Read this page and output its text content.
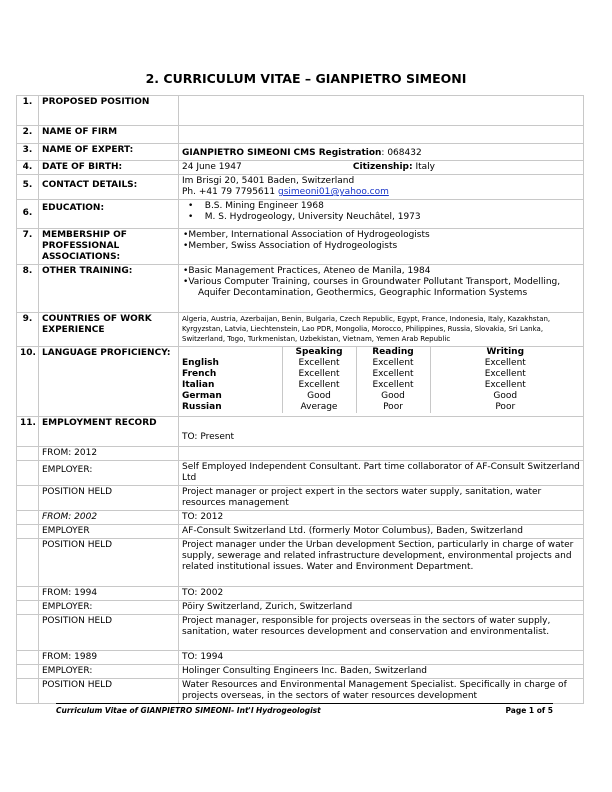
2. CURRICULUM VITAE – GIANPIETRO SIMEONI
1.	PROPOSED POSITION	
2.	NAME OF FIRM	
3.	NAME OF EXPERT:	GIANPIETRO SIMEONI CMS Registration: 068432
4.	DATE OF BIRTH:	24 June 1947	Citizenship: Italy
5.	CONTACT DETAILS:	Im Brisgi 20, 5401 Baden, Switzerland
Ph. +41 79 7795611 gsimeoni01@yahoo.com

6.	EDUCATION:	•    B.S. Mining Engineer 1968
•    M. S. Hydrogeology, University Neuchâtel, 1973

7.	MEMBERSHIP OF PROFESSIONAL ASSOCIATIONS:	
•Member, International Association of Hydrogeologists
•Member, Swiss Association of Hydrogeologists

8.	OTHER TRAINING:	•Basic Management Practices, Ateneo de Manila, 1984
•Various Computer Training, courses in Groundwater Pollutant Transport, Modelling, Aquifer Decontamination, Geothermics, Geographic Information Systems

9.	COUNTRIES OF WORK EXPERIENCE	Algeria, Austria, Azerbaijan, Benin, Bulgaria, Czech Republic, Egypt, France, Indonesia, Italy, Kazakhstan, Kyrgyzstan, Latvia, Liechtenstein, Lao PDR, Mongolia, Morocco, Philippines, Russia, Slovakia, Sri Lanka, Switzerland, Togo, Turkmenistan, Uzbekistan, Vietnam, Yemen Arab Republic
10.	LANGUAGE PROFICIENCY:	
		Speaking	Reading	Writing
English	Excellent	Excellent	Excellent
French	Excellent	Excellent	Excellent
Italian	Excellent	Excellent	Excellent
German	Good	Good	Good
Russian	Average	Poor	Poor

11.	EMPLOYMENT RECORD	TO: Present
	FROM: 2012	
	EMPLOYER:	Self Employed Independent Consultant. Part time collaborator of AF-Consult Switzerland Ltd
	POSITION HELD	Project manager or project expert in the sectors water supply, sanitation, water resources management
	FROM: 2002	TO: 2012
	EMPLOYER	AF-Consult Switzerland Ltd. (formerly Motor Columbus), Baden, Switzerland
	POSITION HELD	Project manager under the Urban development Section, particularly in charge of water supply, sewerage and related infrastructure development, environmental projects and related institutional issues. Water and Environment Department.
	FROM: 1994	TO: 2002
	EMPLOYER:	Pöiry Switzerland, Zurich, Switzerland
	POSITION HELD	Project manager, responsible for projects overseas in the sectors of water supply, sanitation, water resources development and conservation and environmentalist.
	FROM: 1989	TO: 1994
	EMPLOYER:	Holinger Consulting Engineers Inc. Baden, Switzerland
	POSITION HELD	Water Resources and Environmental Management Specialist. Specifically in charge of projects overseas, in the sectors of water resources development
Curriculum Vitae of GIANPIETRO SIMEONI- Int'l Hydrogeologist	Page 1 of 5
